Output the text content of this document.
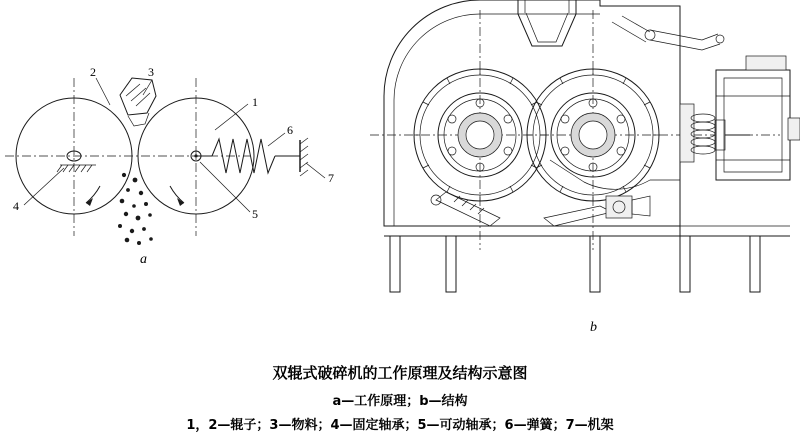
2	3
1
4
5
6
7
a
b
双辊式破碎机的工作原理及结构示意图
a—工作原理；b—结构
1，2—辊子；3—物料；4—固定轴承；5—可动轴承；6—弹簧；7—机架
